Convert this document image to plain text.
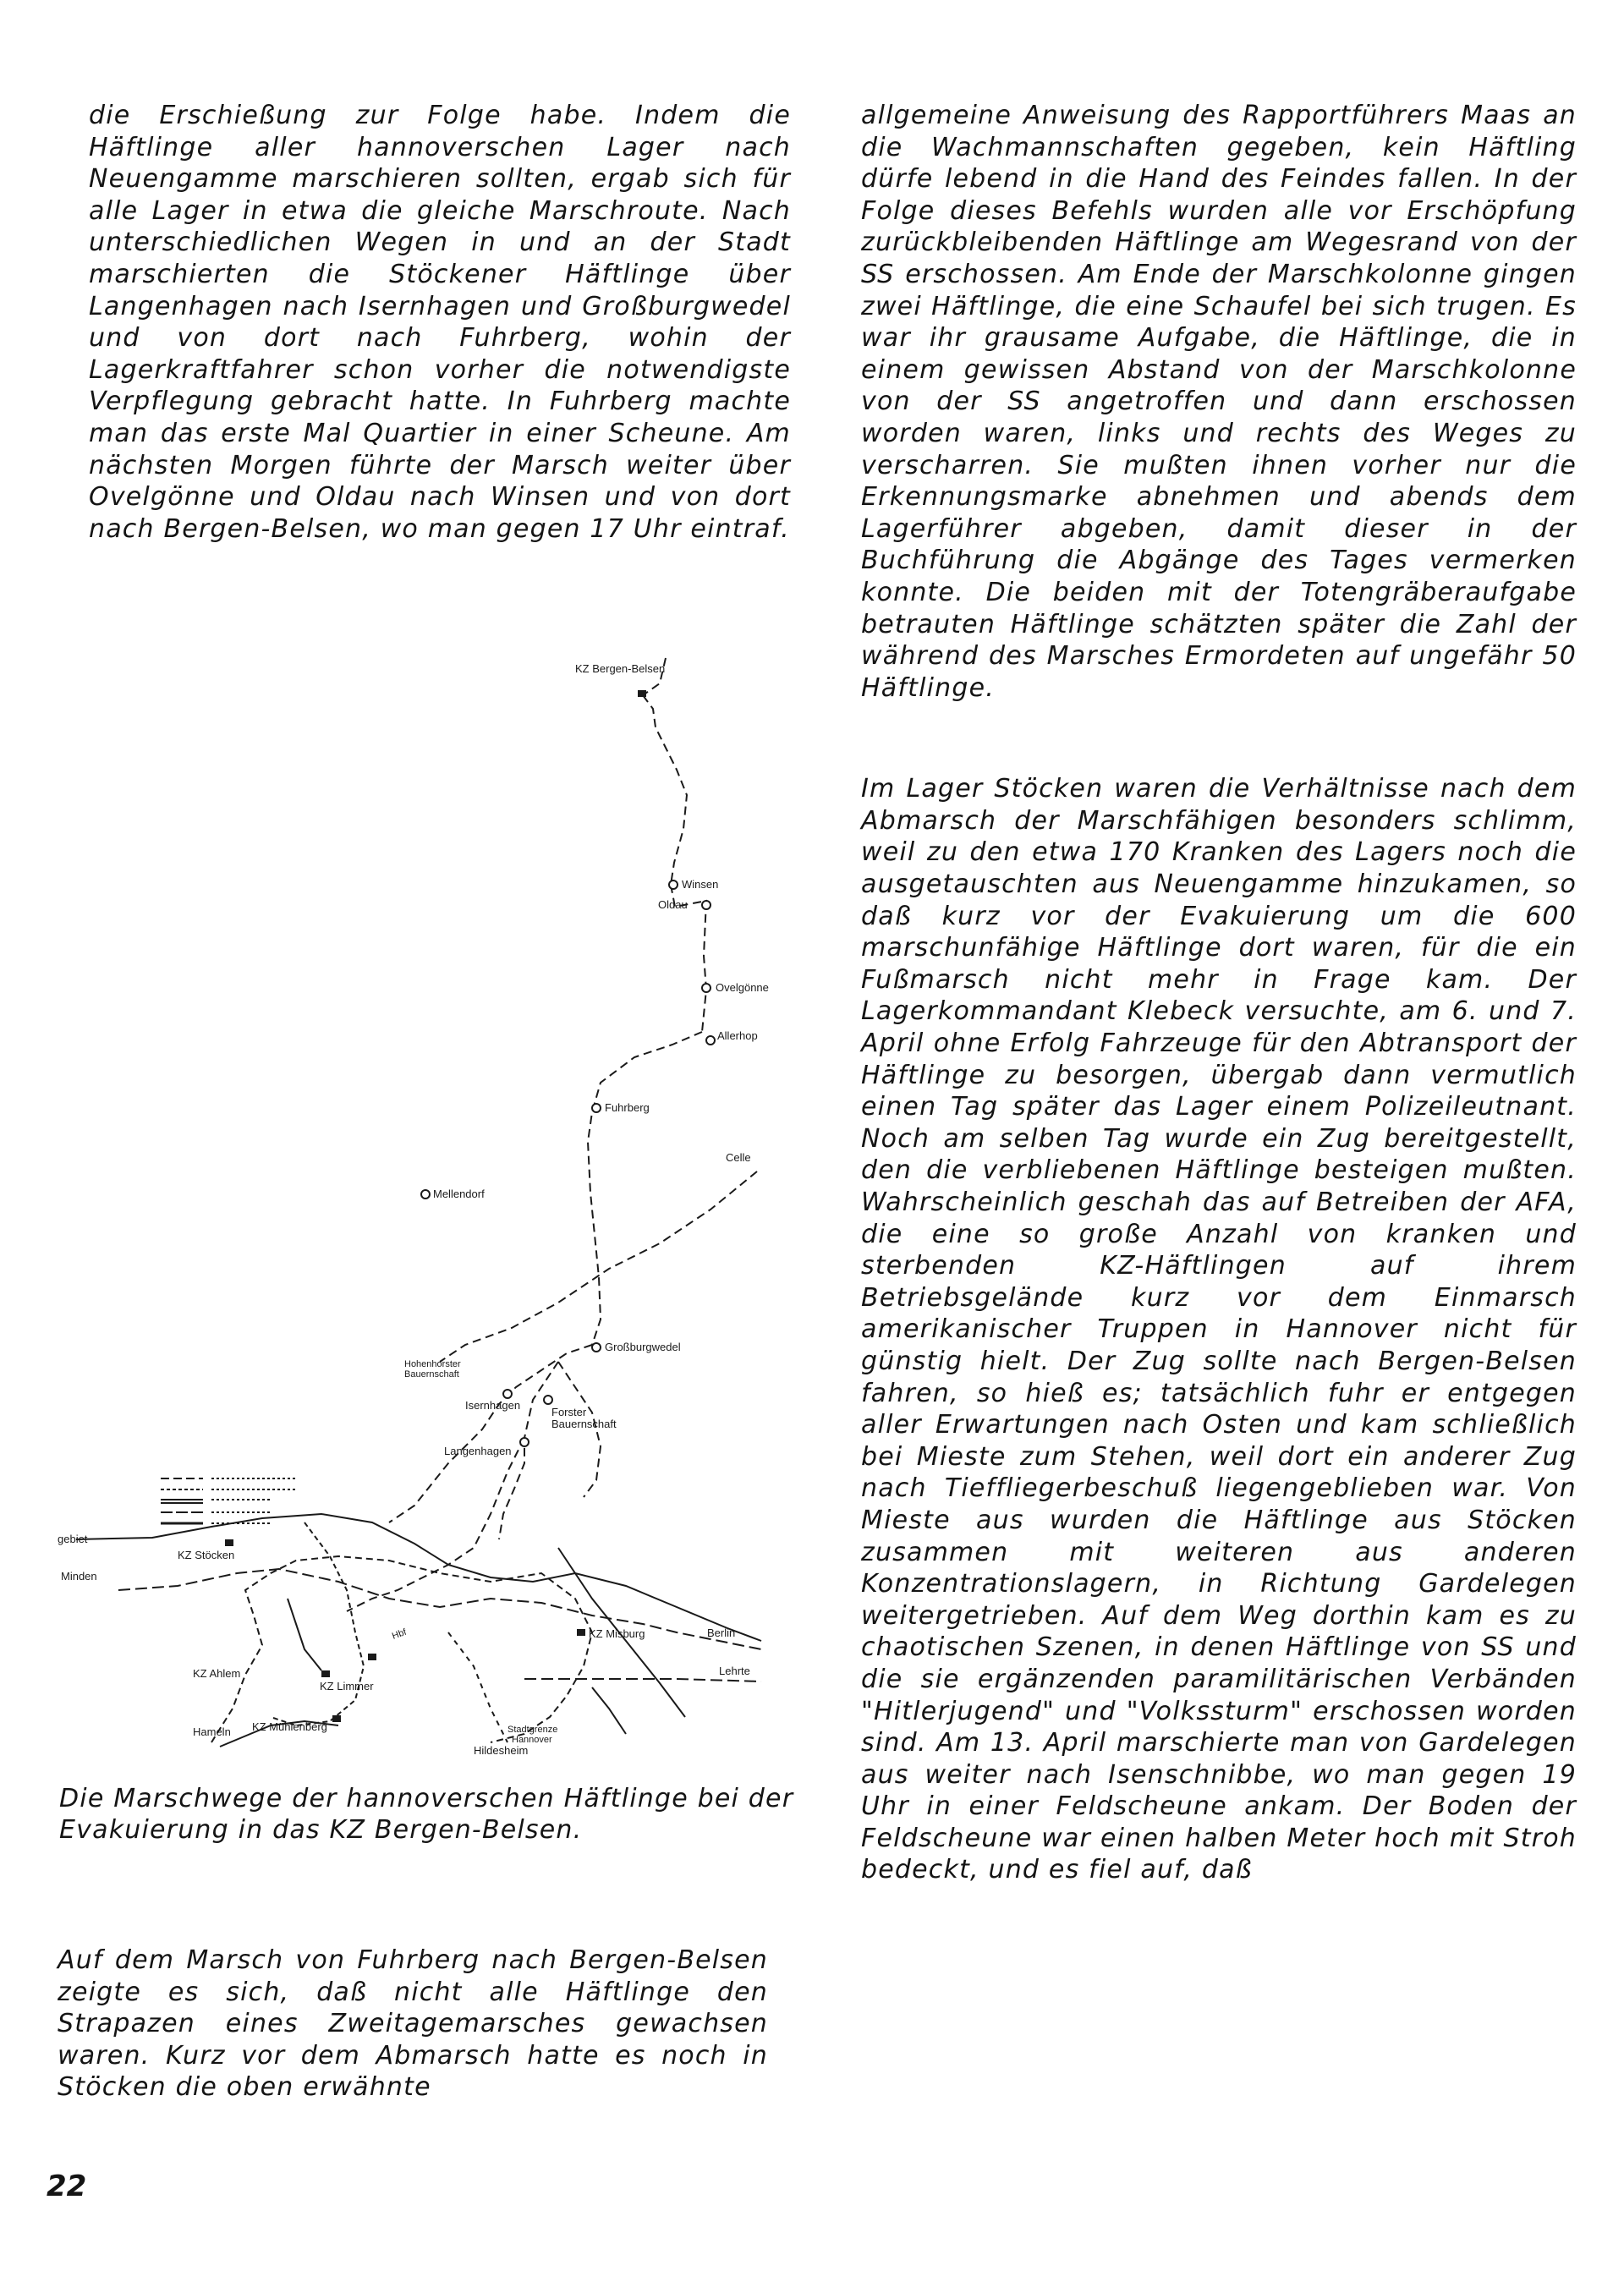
die Erschießung zur Folge habe. Indem die Häftlinge aller hannoverschen Lager nach Neuengamme marschieren sollten, ergab sich für alle Lager in etwa die gleiche Marschroute. Nach unterschiedlichen Wegen in und an der Stadt marschierten die Stöckener Häftlinge über Langenhagen nach Isernhagen und Großburgwedel und von dort nach Fuhrberg, wohin der Lagerkraftfahrer schon vorher die notwendigste Verpflegung gebracht hatte. In Fuhrberg machte man das erste Mal Quartier in einer Scheune. Am nächsten Morgen führte der Marsch weiter über Ovelgönne und Oldau nach Winsen und von dort nach Bergen-Belsen, wo man gegen 17 Uhr eintraf.

KZ Bergen-Belsen
Winsen
Oldau
Ovelgönne
Allerhop
Fuhrberg
Celle
Mellendorf
Großburgwedel
Hohenhorster
Bauernschaft
Isernhagen
Forster
Bauernschaft
Langenhagen
gebiet
Minden
KZ Stöcken
KZ Ahlem
KZ Limmer
KZ Misburg	Berlin
Lehrte
Hameln KZ Mühlenberg	Stadtgrenze
Hannover
Hildesheim
Hbf

Die Marschwege der hannoverschen Häftlinge bei der Evakuierung in das KZ Bergen-Belsen.

Auf dem Marsch von Fuhrberg nach Bergen-Belsen zeigte es sich, daß nicht alle Häftlinge den Strapazen eines Zweitagemarsches gewachsen waren. Kurz vor dem Abmarsch hatte es noch in Stöcken die oben erwähnte

allgemeine Anweisung des Rapportführers Maas an die Wachmannschaften gegeben, kein Häftling dürfe lebend in die Hand des Feindes fallen. In der Folge dieses Befehls wurden alle vor Erschöpfung zurückbleibenden Häftlinge am Wegesrand von der SS erschossen. Am Ende der Marschkolonne gingen zwei Häftlinge, die eine Schaufel bei sich trugen. Es war ihr grausame Aufgabe, die Häftlinge, die in einem gewissen Abstand von der Marschkolonne von der SS angetroffen und dann erschossen worden waren, links und rechts des Weges zu verscharren. Sie mußten ihnen vorher nur die Erkennungsmarke abnehmen und abends dem Lagerführer abgeben, damit dieser in der Buchführung die Abgänge des Tages vermerken konnte. Die beiden mit der Totengräberaufgabe betrauten Häftlinge schätzten später die Zahl der während des Marsches Ermordeten auf ungefähr 50 Häftlinge.

Im Lager Stöcken waren die Verhältnisse nach dem Abmarsch der Marschfähigen besonders schlimm, weil zu den etwa 170 Kranken des Lagers noch die ausgetauschten aus Neuengamme hinzukamen, so daß kurz vor der Evakuierung um die 600 marschunfähige Häftlinge dort waren, für die ein Fußmarsch nicht mehr in Frage kam. Der Lagerkommandant Klebeck versuchte, am 6. und 7. April ohne Erfolg Fahrzeuge für den Abtransport der Häftlinge zu besorgen, übergab dann vermutlich einen Tag später das Lager einem Polizeileutnant. Noch am selben Tag wurde ein Zug bereitgestellt, den die verbliebenen Häftlinge besteigen mußten. Wahrscheinlich geschah das auf Betreiben der AFA, die eine so große Anzahl von kranken und sterbenden KZ-Häftlingen auf ihrem Betriebsgelände kurz vor dem Einmarsch amerikanischer Truppen in Hannover nicht für günstig hielt. Der Zug sollte nach Bergen-Belsen fahren, so hieß es; tatsächlich fuhr er entgegen aller Erwartungen nach Osten und kam schließlich bei Mieste zum Stehen, weil dort ein anderer Zug nach Tieffliegerbeschuß liegengeblieben war. Von Mieste aus wurden die Häftlinge aus Stöcken zusammen mit weiteren aus anderen Konzentrationslagern, in Richtung Gardelegen weitergetrieben. Auf dem Weg dorthin kam es zu chaotischen Szenen, in denen Häftlinge von SS und die sie ergänzenden paramilitärischen Verbänden "Hitlerjugend" und "Volkssturm" erschossen worden sind. Am 13. April marschierte man von Gardelegen aus weiter nach Isenschnibbe, wo man gegen 19 Uhr in einer Feldscheune ankam. Der Boden der Feldscheune war einen halben Meter hoch mit Stroh bedeckt, und es fiel auf, daß

22
